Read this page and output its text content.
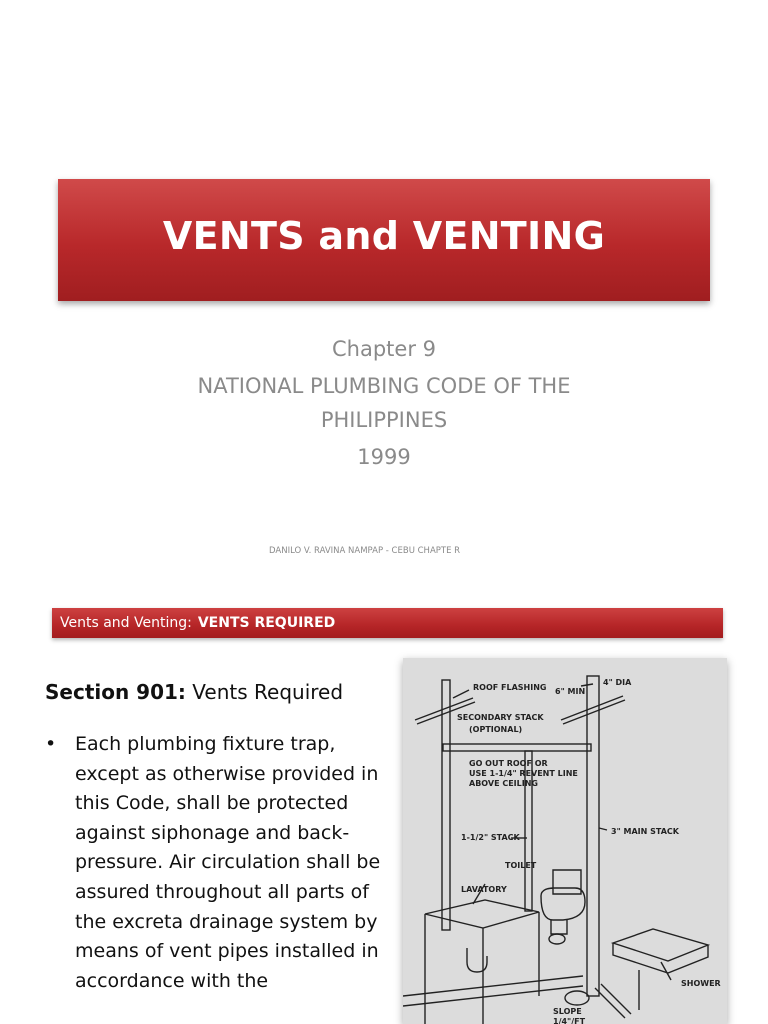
VENTS and VENTING
Chapter 9
NATIONAL PLUMBING CODE OF THE
PHILIPPINES
1999
DANILO V. RAVINA NAMPAP - CEBU CHAPTE R
Vents and Venting: VENTS REQUIRED
Section 901: Vents Required
• Each plumbing fixture trap, except as otherwise provided in this Code, shall be protected against siphonage and back-pressure. Air circulation shall be assured throughout all parts of the excreta drainage system by means of vent pipes installed in accordance with the
ROOF FLASHING
4" DIA
6" MIN
SECONDARY STACK
(OPTIONAL)
GO OUT ROOF OR
USE 1-1/4" REVENT LINE
ABOVE CEILING
1-1/2" STACK
3" MAIN STACK
TOILET
LAVATORY
SHOWER
SLOPE
1/4"/FT
